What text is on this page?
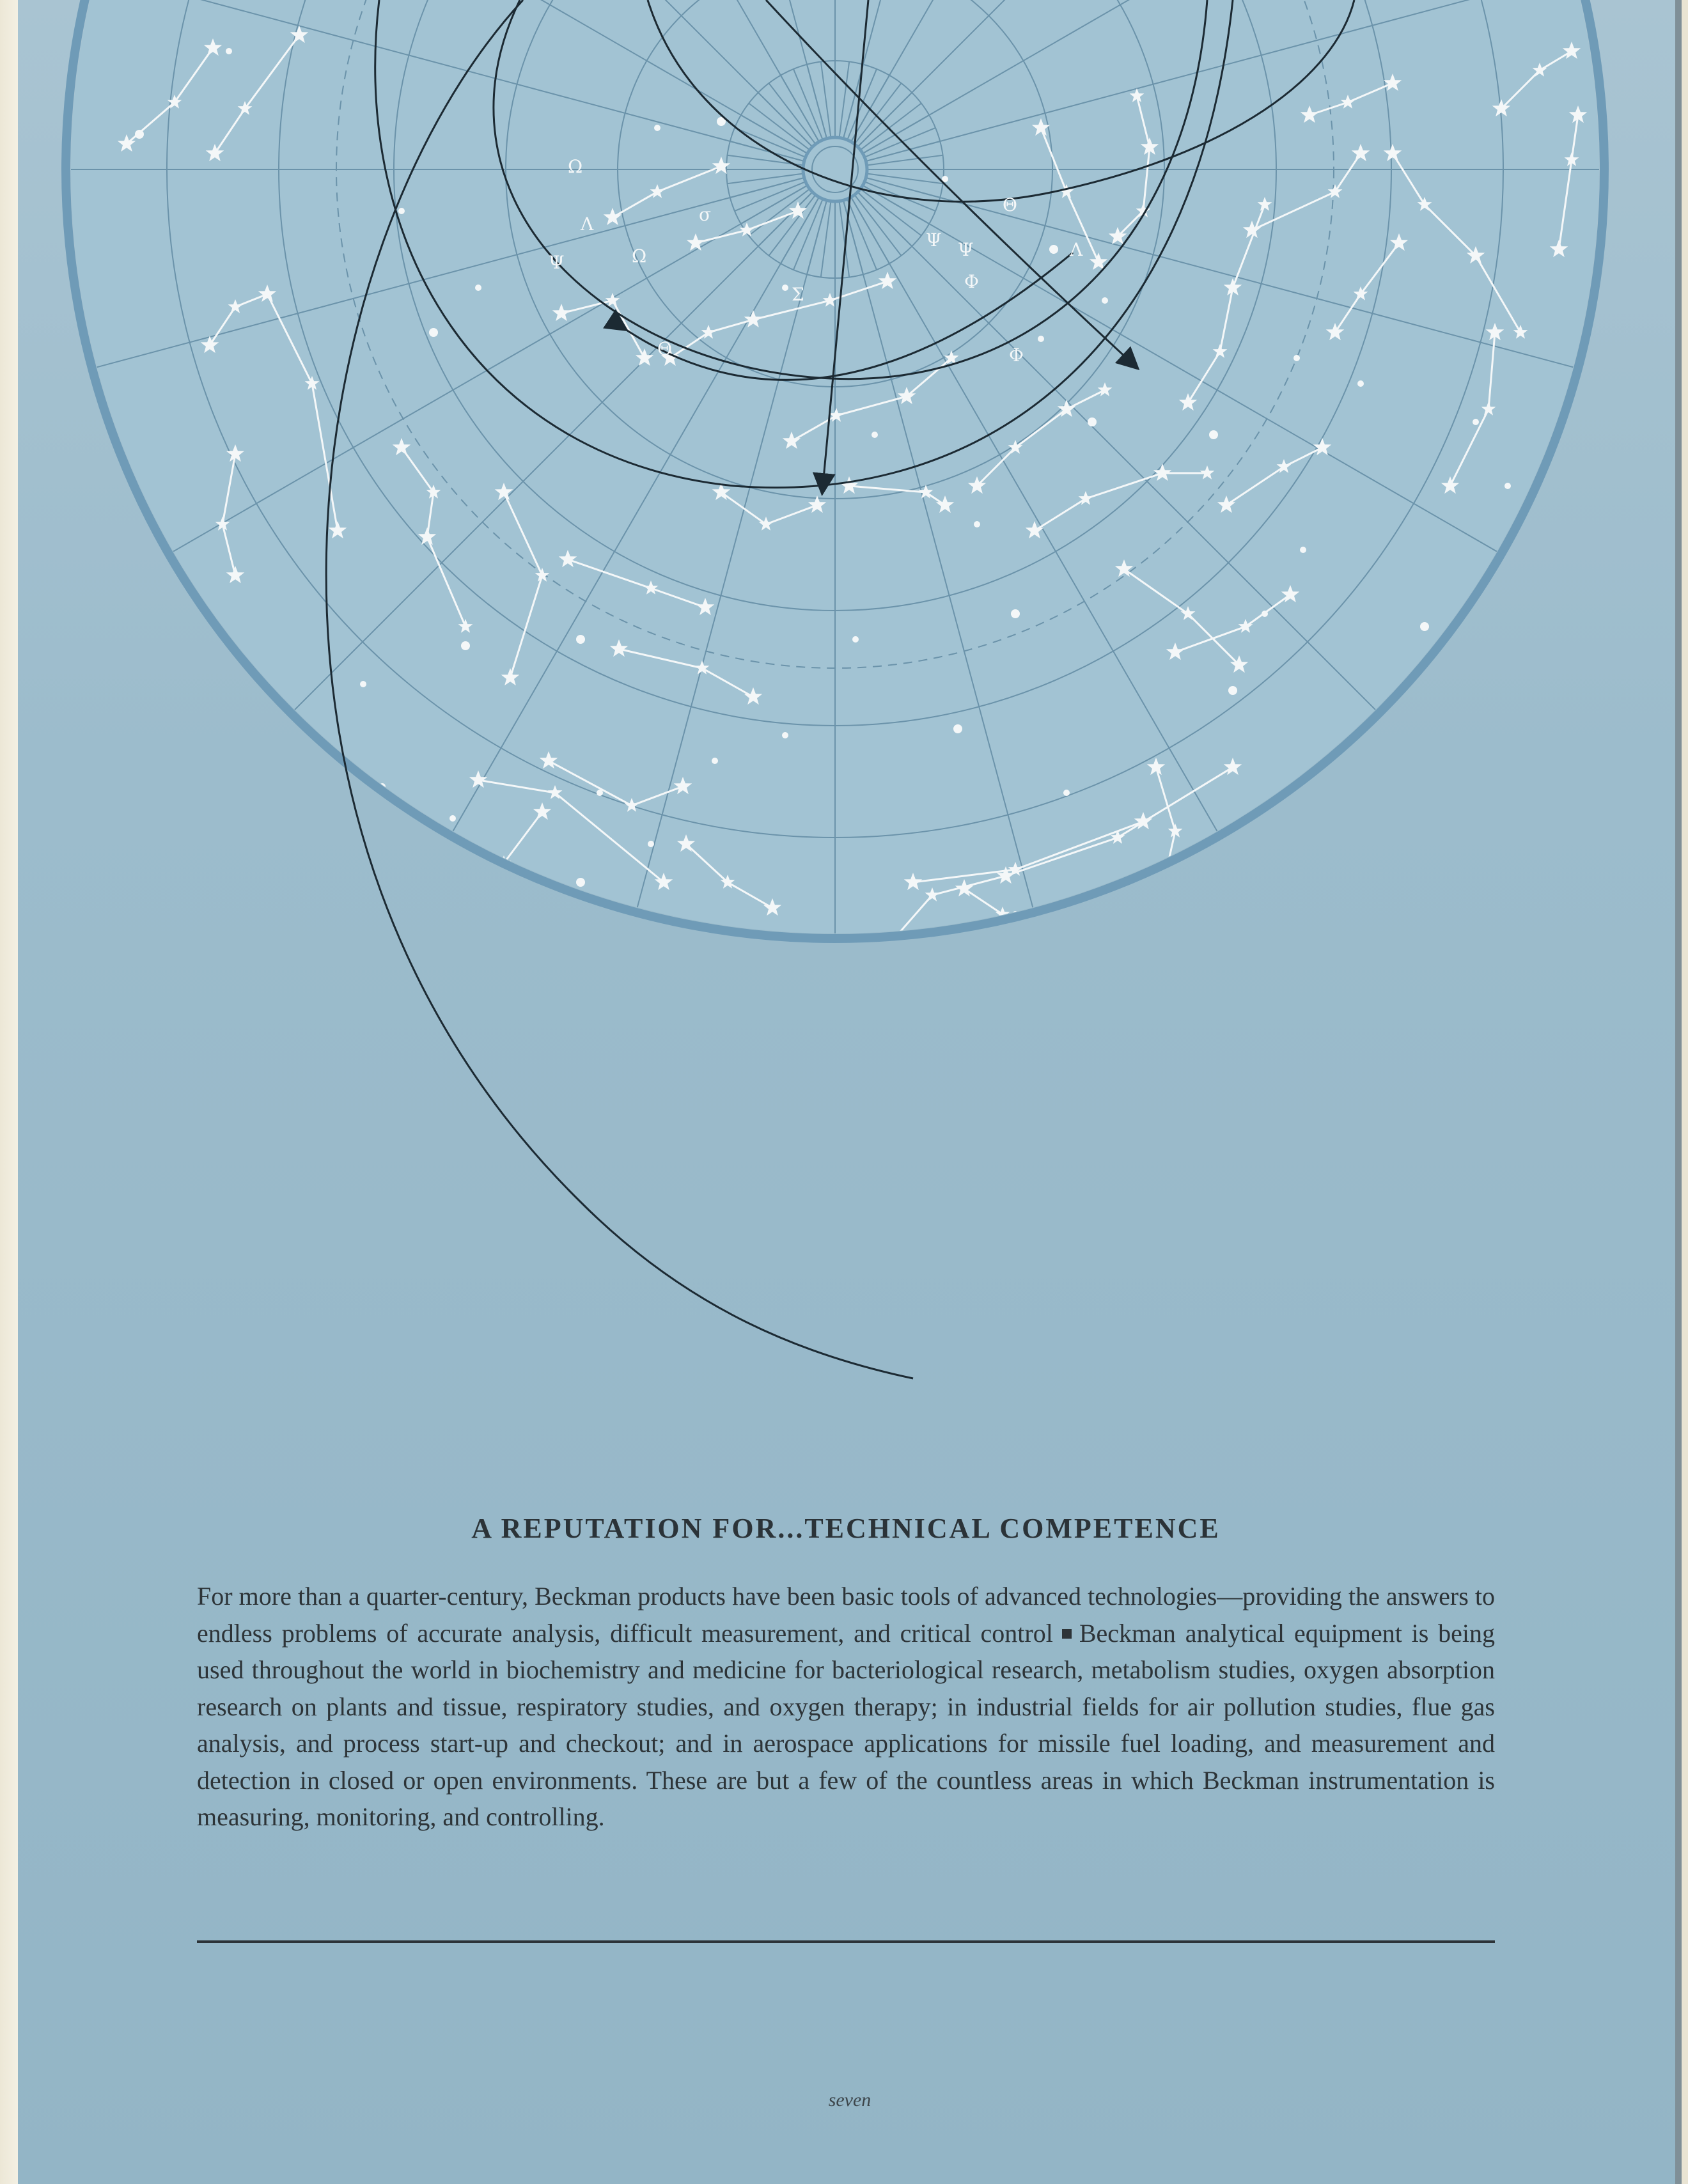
Ω
Θ
Φ
Ψ
σ
Σ
Ψ
Λ
Φ
Θ
Ω	Ψ
Λ
A REPUTATION FOR...TECHNICAL COMPETENCE

For more than a quarter-century, Beckman products have been basic tools of advanced technologies—providing the answers to endless problems of accurate analysis, difficult measurement, and critical control Beckman analytical equipment is being used throughout the world in biochemistry and medicine for bacteriological research, metabolism studies, oxygen absorption research on plants and tissue, respiratory studies, and oxygen therapy; in industrial fields for air pollution studies, flue gas analysis, and process start-up and checkout; and in aerospace applications for missile fuel loading, and measurement and detection in closed or open environments. These are but a few of the countless areas in which Beckman instrumentation is measuring, monitoring, and controlling.

seven
